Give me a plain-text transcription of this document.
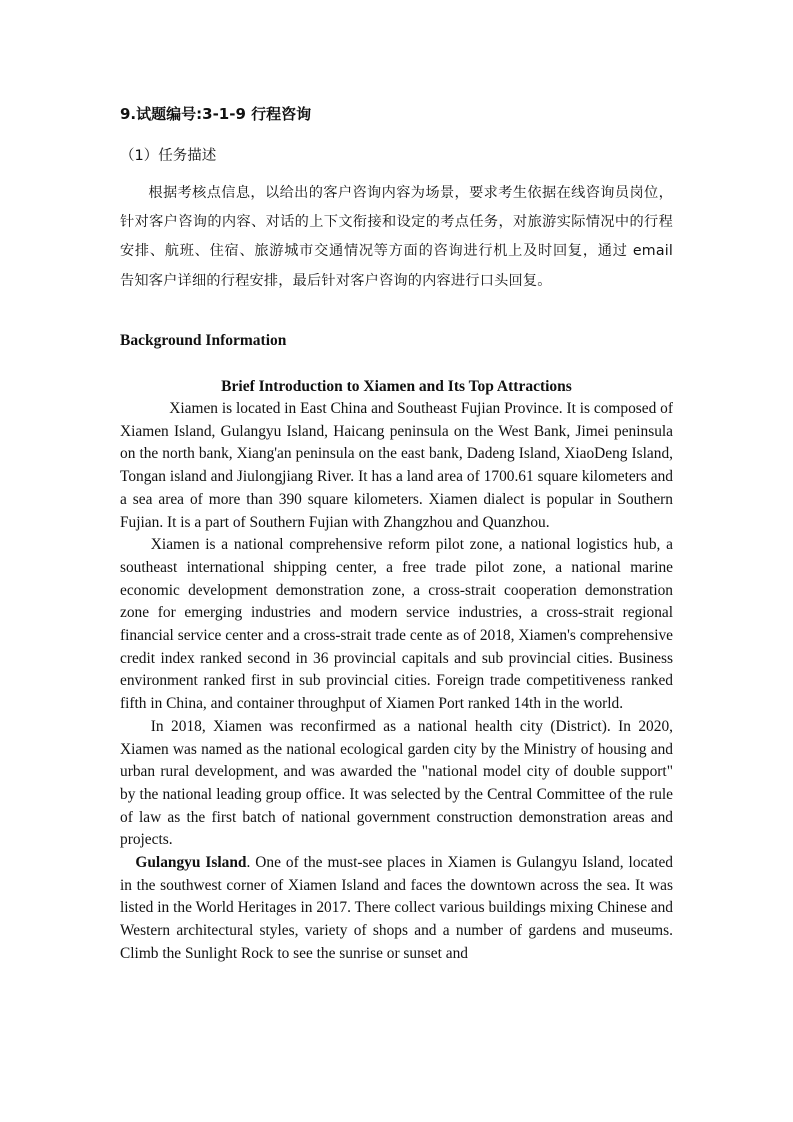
9.试题编号:3-1-9 行程咨询
（1）任务描述
根据考核点信息，以给出的客户咨询内容为场景，要求考生依据在线咨询员岗位，针对客户咨询的内容、对话的上下文衔接和设定的考点任务，对旅游实际情况中的行程安排、航班、住宿、旅游城市交通情况等方面的咨询进行机上及时回复，通过 email 告知客户详细的行程安排，最后针对客户咨询的内容进行口头回复。
Background Information
Brief Introduction to Xiamen and Its Top Attractions

Xiamen is located in East China and Southeast Fujian Province. It is composed of Xiamen Island, Gulangyu Island, Haicang peninsula on the West Bank, Jimei peninsula on the north bank, Xiang'an peninsula on the east bank, Dadeng Island, XiaoDeng Island, Tongan island and Jiulongjiang River. It has a land area of 1700.61 square kilometers and a sea area of more than 390 square kilometers. Xiamen dialect is popular in Southern Fujian. It is a part of Southern Fujian with Zhangzhou and Quanzhou.

Xiamen is a national comprehensive reform pilot zone, a national logistics hub, a southeast international shipping center, a free trade pilot zone, a national marine economic development demonstration zone, a cross-strait cooperation demonstration zone for emerging industries and modern service industries, a cross-strait regional financial service center and a cross-strait trade cente as of 2018, Xiamen's comprehensive credit index ranked second in 36 provincial capitals and sub provincial cities. Business environment ranked first in sub provincial cities. Foreign trade competitiveness ranked fifth in China, and container throughput of Xiamen Port ranked 14th in the world.

In 2018, Xiamen was reconfirmed as a national health city (District). In 2020, Xiamen was named as the national ecological garden city by the Ministry of housing and urban rural development, and was awarded the "national model city of double support" by the national leading group office. It was selected by the Central Committee of the rule of law as the first batch of national government construction demonstration areas and projects.

Gulangyu Island. One of the must-see places in Xiamen is Gulangyu Island, located in the southwest corner of Xiamen Island and faces the downtown across the sea. It was listed in the World Heritages in 2017. There collect various buildings mixing Chinese and Western architectural styles, variety of shops and a number of gardens and museums. Climb the Sunlight Rock to see the sunrise or sunset and
